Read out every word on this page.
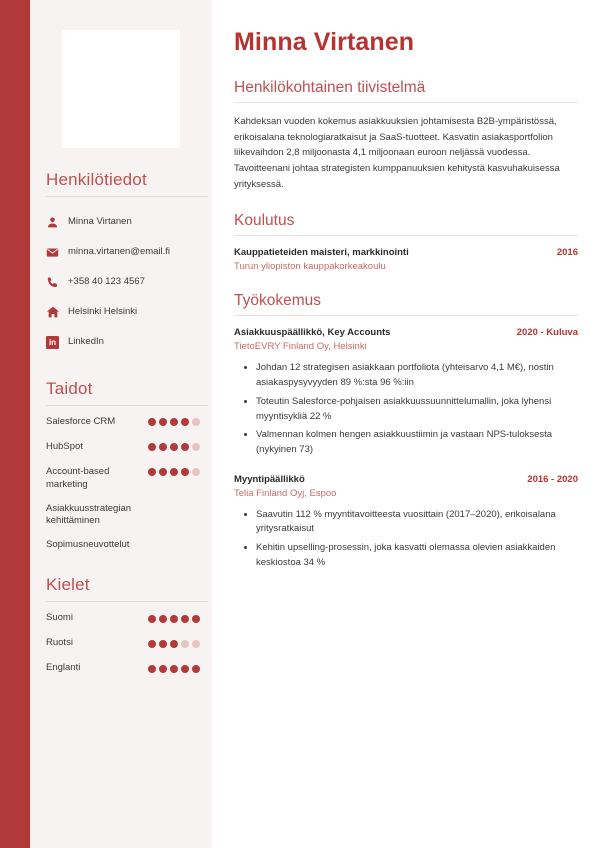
Henkilötiedot
Minna Virtanen
minna.virtanen@email.fi
+358 40 123 4567
Helsinki Helsinki
in	LinkedIn
Taidot
Salesforce CRM
HubSpot
Account-based marketing
Asiakkuusstrategian kehittäminen
Sopimusneuvottelut
Kielet
Suomi
Ruotsi
Englanti
Minna Virtanen
Henkilökohtainen tiivistelmä

Kahdeksan vuoden kokemus asiakkuuksien johtamisesta B2B-ympäristössä, erikoisalana teknologiaratkaisut ja SaaS-tuotteet. Kasvatin asiakasportfolion liikevaihdon 2,8 miljoonasta 4,1 miljoonaan euroon neljässä vuodessa. Tavoitteenani johtaa strategisten kumppanuuksien kehitystä kasvuhakuisessa yrityksessä.

Koulutus
Kauppatieteiden maisteri, markkinointi	2016
Turun yliopiston kauppakorkeakoulu
Työkokemus
Asiakkuuspäällikkö, Key Accounts	2020 - Kuluva
TietoEVRY Finland Oy, Helsinki
• Johdan 12 strategisen asiakkaan portfoliota (yhteisarvo 4,1 M€), nostin asiakaspysyvyyden 89 %:sta 96 %:iin
• Toteutin Salesforce-pohjaisen asiakkuussuunnittelumallin, joka lyhensi myyntisykliä 22 %
• Valmennan kolmen hengen asiakkuustiimin ja vastaan NPS-tuloksesta (nykyinen 73)
Myyntipäällikkö	2016 - 2020
Telia Finland Oyj, Espoo
• Saavutin 112 % myyntitavoitteesta vuosittain (2017–2020), erikoisalana yritysratkaisut
• Kehitin upselling-prosessin, joka kasvatti olemassa olevien asiakkaiden keskiostoa 34 %
